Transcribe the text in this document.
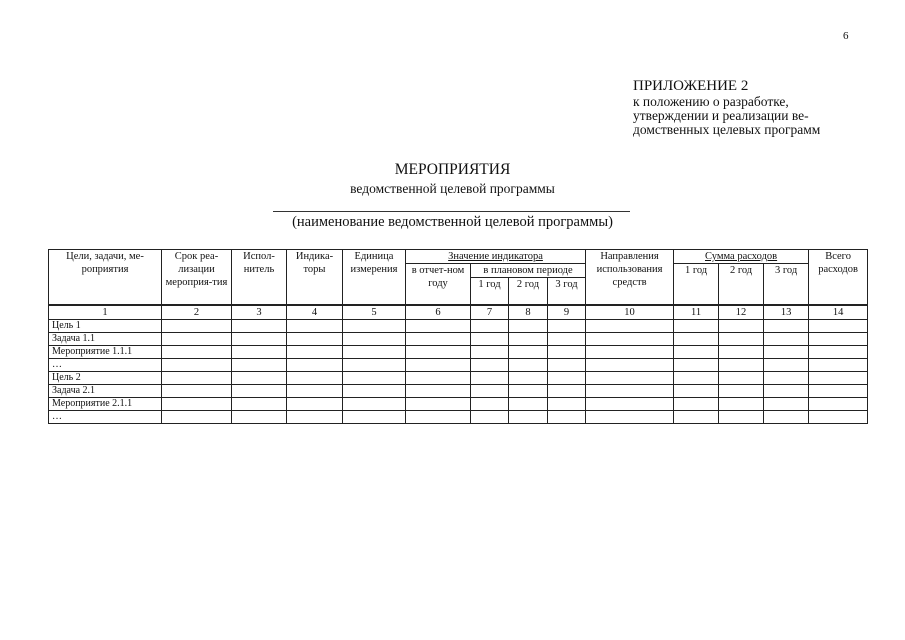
6
ПРИЛОЖЕНИЕ 2
к положению о разработке,
утверждении и реализации ве-
домственных целевых программ
МЕРОПРИЯТИЯ
ведомственной целевой программы
(наименование ведомственной целевой программы)
Цели, задачи, ме-роприятия	Срок реа-лизации мероприя-тия	Испол-нитель	Индика-торы	Единица измерения	Значение индикатора				Направления использования средств	Сумма расходов			Всего расходов
					в отчет-ном году	в плановом периоде				1 год	2 год	3 год	
						1 год	2 год	3 год					
1	2	3	4	5	6	7	8	9	10	11	12	13	14
Цель 1													
Задача 1.1													
Мероприятие 1.1.1													
…													
Цель 2													
Задача 2.1													
Мероприятие 2.1.1													
…													
